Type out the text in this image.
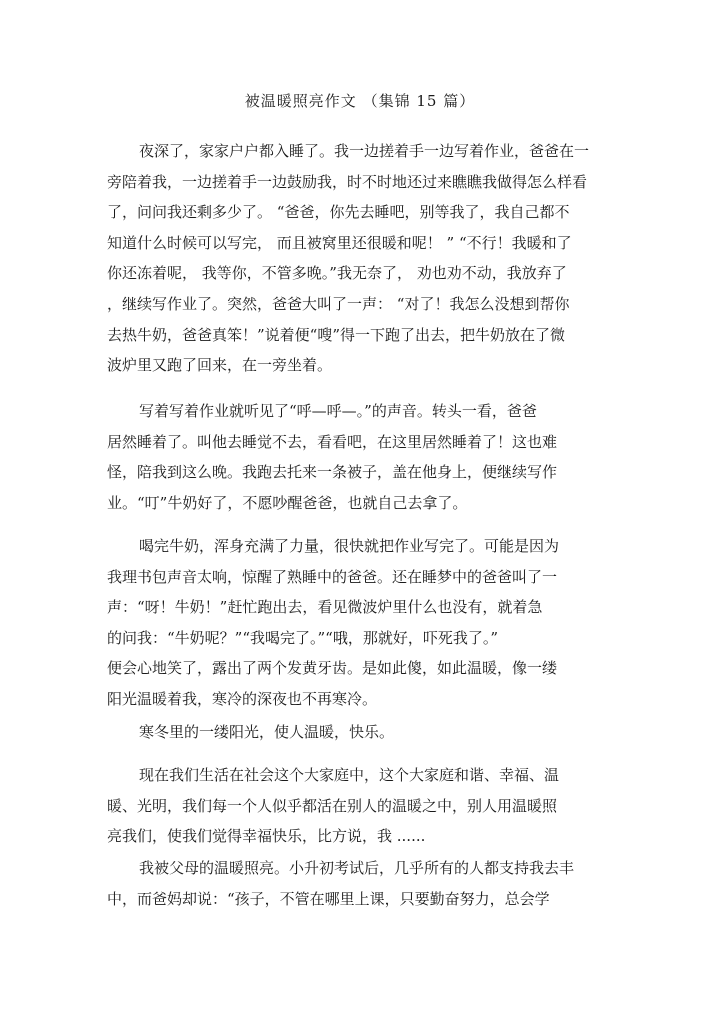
被温暖照亮作文 （集锦 15 篇）
夜深了，家家户户都入睡了。我一边搓着手一边写着作业，爸爸在一
旁陪着我，一边搓着手一边鼓励我，时不时地还过来瞧瞧我做得怎么样看
了，问问我还剩多少了。 “爸爸，你先去睡吧，别等我了，我自己都不
知道什么时候可以写完， 而且被窝里还很暖和呢！ ” “不行！我暖和了
你还冻着呢， 我等你，不管多晚。”我无奈了， 劝也劝不动，我放弃了
，继续写作业了。突然，爸爸大叫了一声： “对了！我怎么没想到帮你
去热牛奶，爸爸真笨！”说着便“嗖”得一下跑了出去，把牛奶放在了微
波炉里又跑了回来，在一旁坐着。
写着写着作业就听见了“呼—呼—。”的声音。转头一看，爸爸
居然睡着了。叫他去睡觉不去，看看吧，在这里居然睡着了！这也难
怪，陪我到这么晚。我跑去托来一条被子，盖在他身上，便继续写作
业。“叮”牛奶好了，不愿吵醒爸爸，也就自己去拿了。
喝完牛奶，浑身充满了力量，很快就把作业写完了。可能是因为
我理书包声音太响，惊醒了熟睡中的爸爸。还在睡梦中的爸爸叫了一
声：“呀！牛奶！”赶忙跑出去，看见微波炉里什么也没有，就着急
的问我：“牛奶呢？”“我喝完了。”“哦，那就好，吓死我了。”
便会心地笑了，露出了两个发黄牙齿。是如此傻，如此温暖，像一缕
阳光温暖着我，寒冷的深夜也不再寒冷。
寒冬里的一缕阳光，使人温暖，快乐。
现在我们生活在社会这个大家庭中，这个大家庭和谐、幸福、温
暖、光明，我们每一个人似乎都活在别人的温暖之中，别人用温暖照
亮我们，使我们觉得幸福快乐，比方说，我 ......
我被父母的温暖照亮。小升初考试后，几乎所有的人都支持我去丰
中，而爸妈却说：“孩子，不管在哪里上课，只要勤奋努力，总会学
